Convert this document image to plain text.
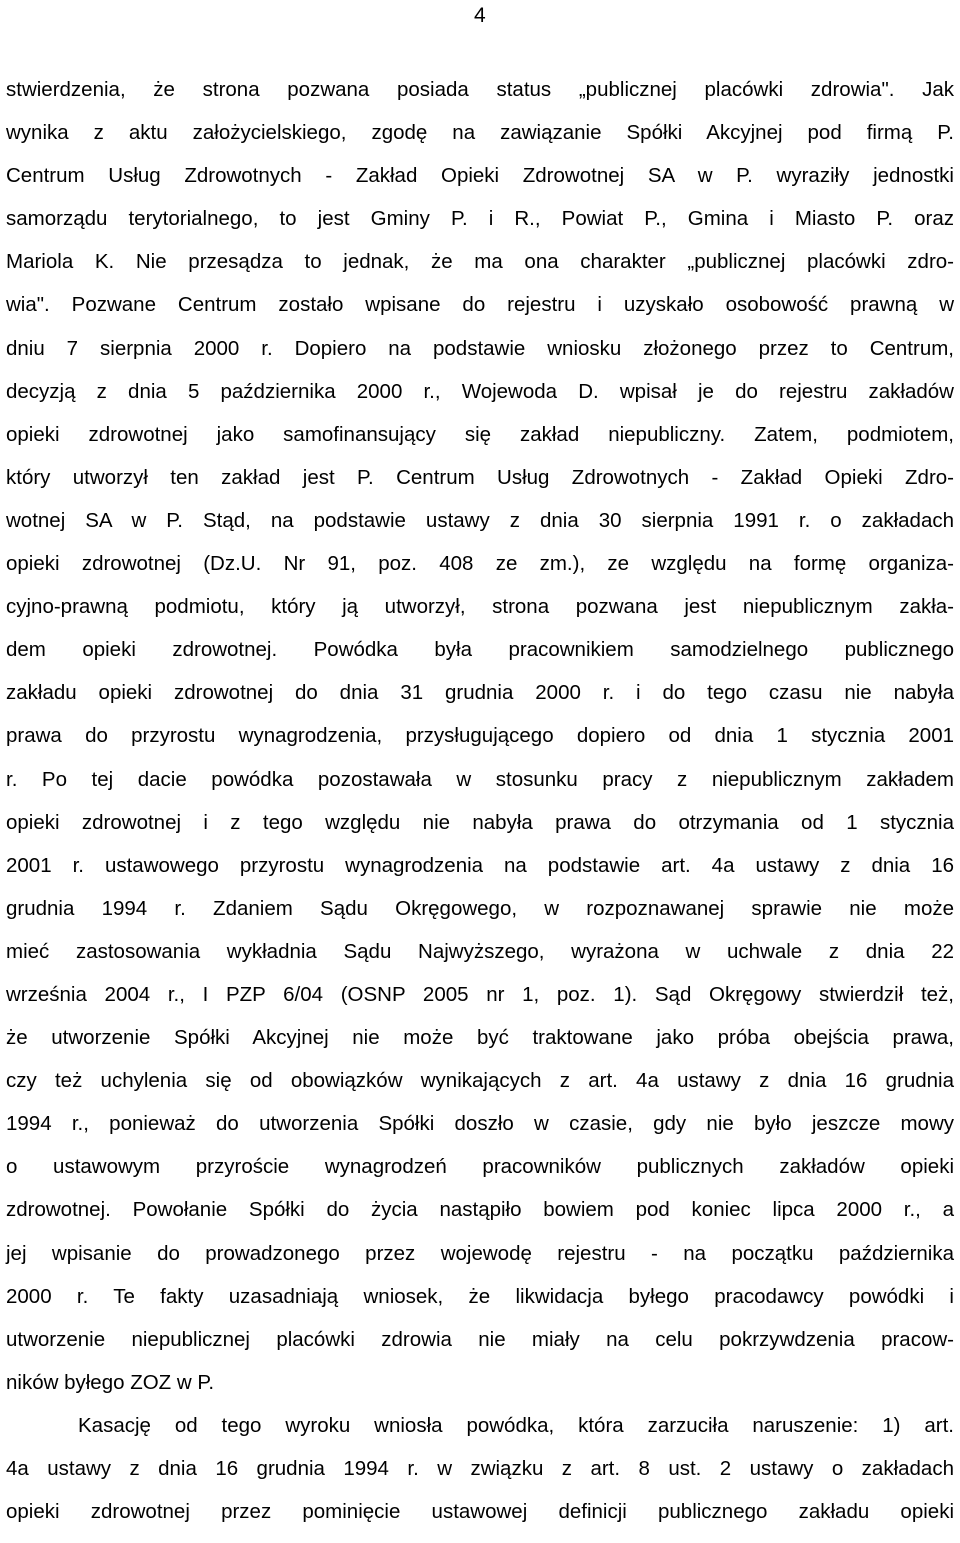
4
stwierdzenia, że strona pozwana posiada status „publicznej placówki zdrowia". Jak
wynika z aktu założycielskiego, zgodę na zawiązanie Spółki Akcyjnej pod firmą P.
Centrum Usług Zdrowotnych - Zakład Opieki Zdrowotnej SA w P. wyraziły jednostki
samorządu terytorialnego, to jest Gminy P. i R., Powiat P., Gmina i Miasto P. oraz
Mariola K. Nie przesądza to jednak, że ma ona charakter „publicznej placówki zdro-
wia". Pozwane Centrum zostało wpisane do rejestru i uzyskało osobowość prawną w
dniu 7 sierpnia 2000 r. Dopiero na podstawie wniosku złożonego przez to Centrum,
decyzją z dnia 5 października 2000 r., Wojewoda D. wpisał je do rejestru zakładów
opieki zdrowotnej jako samofinansujący się zakład niepubliczny. Zatem, podmiotem,
który utworzył ten zakład jest P. Centrum Usług Zdrowotnych - Zakład Opieki Zdro-
wotnej SA w P. Stąd, na podstawie ustawy z dnia 30 sierpnia 1991 r. o zakładach
opieki zdrowotnej (Dz.U. Nr 91, poz. 408 ze zm.), ze względu na formę organiza-
cyjno-prawną podmiotu, który ją utworzył, strona pozwana jest niepublicznym zakła-
dem opieki zdrowotnej. Powódka była pracownikiem samodzielnego publicznego
zakładu opieki zdrowotnej do dnia 31 grudnia 2000 r. i do tego czasu nie nabyła
prawa do przyrostu wynagrodzenia, przysługującego dopiero od dnia 1 stycznia 2001
r. Po tej dacie powódka pozostawała w stosunku pracy z niepublicznym zakładem
opieki zdrowotnej i z tego względu nie nabyła prawa do otrzymania od 1 stycznia
2001 r. ustawowego przyrostu wynagrodzenia na podstawie art. 4a ustawy z dnia 16
grudnia 1994 r. Zdaniem Sądu Okręgowego, w rozpoznawanej sprawie nie może
mieć zastosowania wykładnia Sądu Najwyższego, wyrażona w uchwale z dnia 22
września 2004 r., I PZP 6/04 (OSNP 2005 nr 1, poz. 1). Sąd Okręgowy stwierdził też,
że utworzenie Spółki Akcyjnej nie może być traktowane jako próba obejścia prawa,
czy też uchylenia się od obowiązków wynikających z art. 4a ustawy z dnia 16 grudnia
1994 r., ponieważ do utworzenia Spółki doszło w czasie, gdy nie było jeszcze mowy
o ustawowym przyroście wynagrodzeń pracowników publicznych zakładów opieki
zdrowotnej. Powołanie Spółki do życia nastąpiło bowiem pod koniec lipca 2000 r., a
jej wpisanie do prowadzonego przez wojewodę rejestru - na początku października
2000 r. Te fakty uzasadniają wniosek, że likwidacja byłego pracodawcy powódki i
utworzenie niepublicznej placówki zdrowia nie miały na celu pokrzywdzenia pracow-
ników byłego ZOZ w P.
Kasację od tego wyroku wniosła powódka, która zarzuciła naruszenie: 1) art.
4a ustawy z dnia 16 grudnia 1994 r. w związku z art. 8 ust. 2 ustawy o zakładach
opieki zdrowotnej przez pominięcie ustawowej definicji publicznego zakładu opieki
